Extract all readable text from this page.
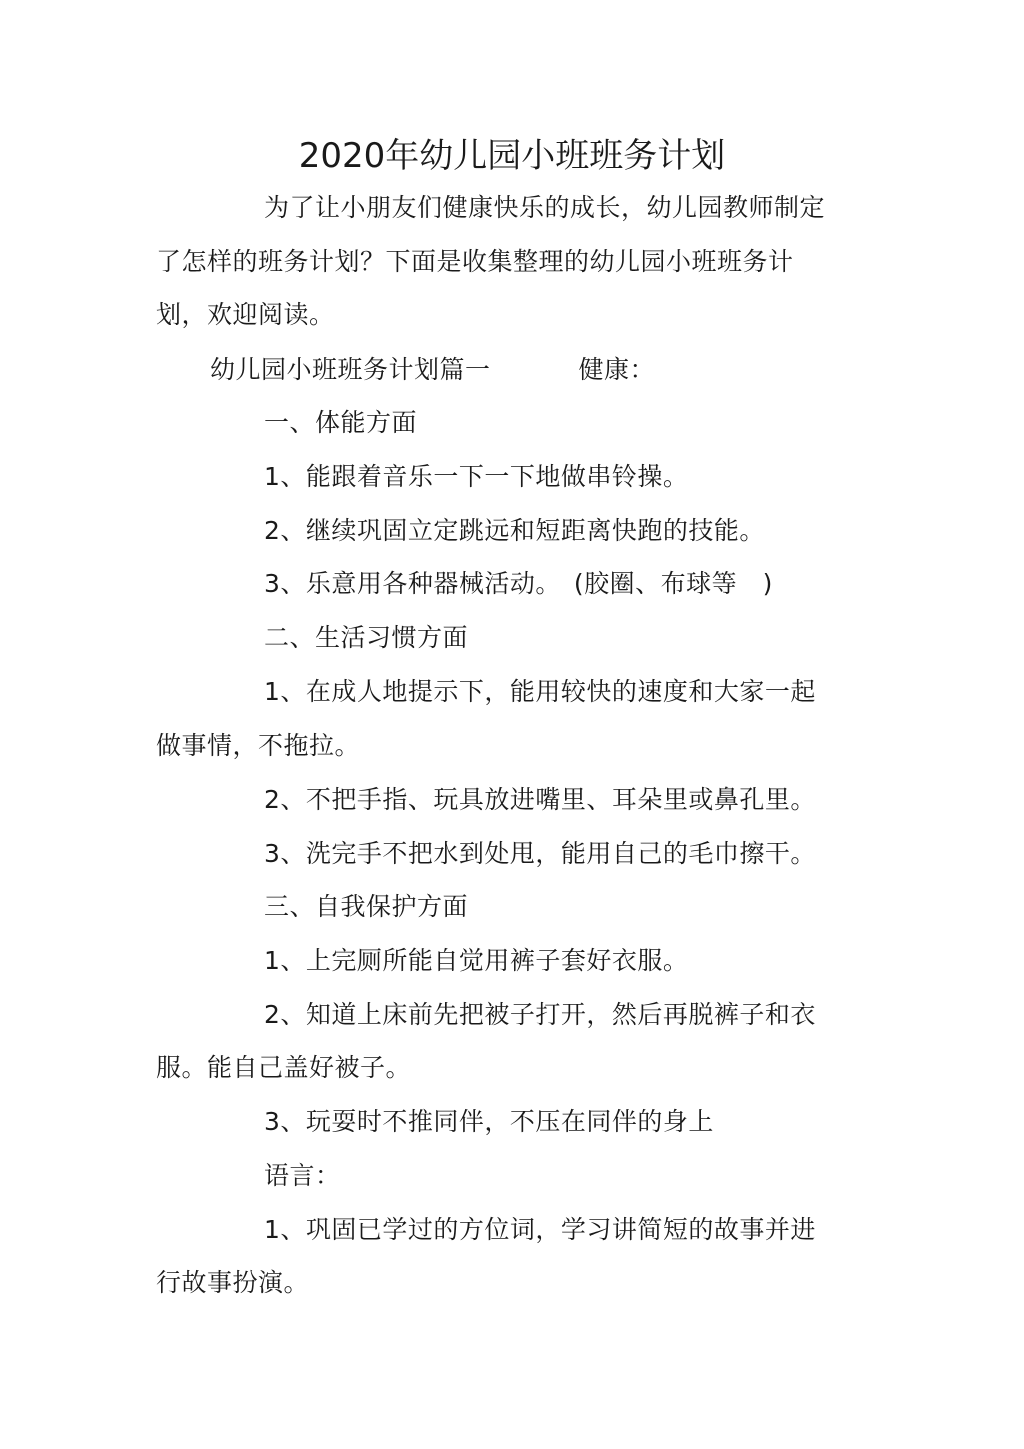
2020年幼儿园小班班务计划
为了让小朋友们健康快乐的成长，幼儿园教师制定
了怎样的班务计划？下面是收集整理的幼儿园小班班务计
划，欢迎阅读。
幼儿园小班班务计划篇一	健康：
一、体能方面
1、能跟着音乐一下一下地做串铃操。
2、继续巩固立定跳远和短距离快跑的技能。
3、乐意用各种器械活动。　(胶圈、布球等　)
二、生活习惯方面
1、在成人地提示下，能用较快的速度和大家一起
做事情，不拖拉。
2、不把手指、玩具放进嘴里、耳朵里或鼻孔里。
3、洗完手不把水到处甩，能用自己的毛巾擦干。
三、自我保护方面
1、上完厕所能自觉用裤子套好衣服。
2、知道上床前先把被子打开，然后再脱裤子和衣
服。能自己盖好被子。
3、玩耍时不推同伴，不压在同伴的身上
语言：
1、巩固已学过的方位词，学习讲简短的故事并进
行故事扮演。
